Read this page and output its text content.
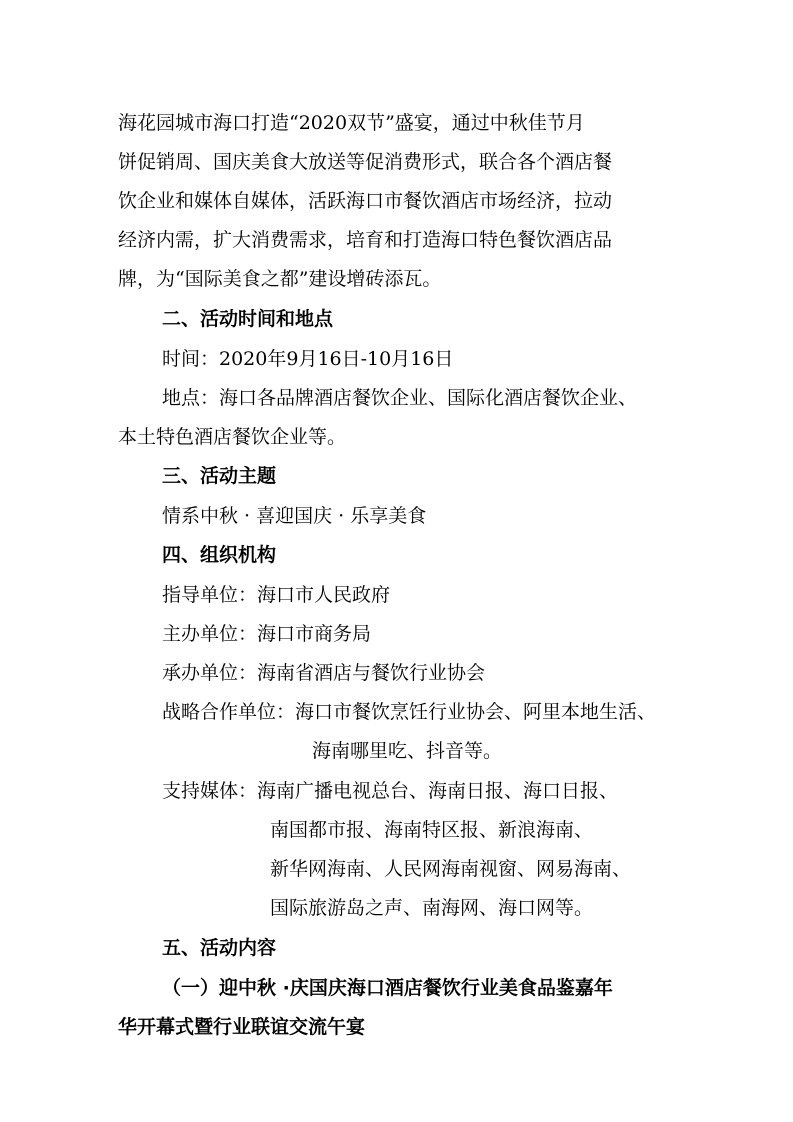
海花园城市海口打造“2020双节”盛宴，通过中秋佳节月
饼促销周、国庆美食大放送等促消费形式，联合各个酒店餐
饮企业和媒体自媒体，活跃海口市餐饮酒店市场经济，拉动
经济内需，扩大消费需求，培育和打造海口特色餐饮酒店品
牌，为“国际美食之都”建设增砖添瓦。
二、活动时间和地点
时间：2020年9月16日-10月16日
地点：海口各品牌酒店餐饮企业、国际化酒店餐饮企业、
本土特色酒店餐饮企业等。
三、活动主题
情系中秋 · 喜迎国庆 · 乐享美食
四、组织机构
指导单位：海口市人民政府
主办单位：海口市商务局
承办单位：海南省酒店与餐饮行业协会
战略合作单位：海口市餐饮烹饪行业协会、阿里本地生活、
海南哪里吃、抖音等。
支持媒体：海南广播电视总台、海南日报、海口日报、
南国都市报、海南特区报、新浪海南、
新华网海南、人民网海南视窗、网易海南、
国际旅游岛之声、南海网、海口网等。
五、活动内容
（一）迎中秋 ·庆国庆海口酒店餐饮行业美食品鉴嘉年
华开幕式暨行业联谊交流午宴
